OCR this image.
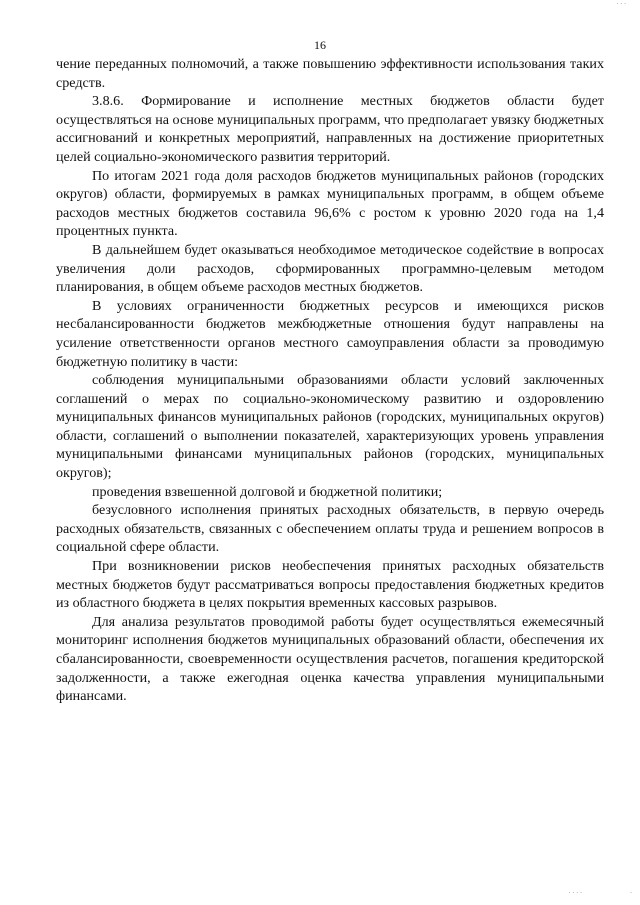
16

чение переданных полномочий, а также повышению эффективности использования таких средств.

3.8.6. Формирование и исполнение местных бюджетов области будет осуществляться на основе муниципальных программ, что предполагает увязку бюджетных ассигнований и конкретных мероприятий, направленных на достижение приоритетных целей социально-экономического развития территорий.

По итогам 2021 года доля расходов бюджетов муниципальных районов (городских округов) области, формируемых в рамках муниципальных программ, в общем объеме расходов местных бюджетов составила 96,6% с ростом к уровню 2020 года на 1,4 процентных пункта.

В дальнейшем будет оказываться необходимое методическое содействие в вопросах увеличения доли расходов, сформированных программно-целевым методом планирования, в общем объеме расходов местных бюджетов.

В условиях ограниченности бюджетных ресурсов и имеющихся рисков несбалансированности бюджетов межбюджетные отношения будут направлены на усиление ответственности органов местного самоуправления области за проводимую бюджетную политику в части:

соблюдения муниципальными образованиями области условий заключенных соглашений о мерах по социально-экономическому развитию и оздоровлению муниципальных финансов муниципальных районов (городских, муниципальных округов) области, соглашений о выполнении показателей, характеризующих уровень управления муниципальными финансами муниципальных районов (городских, муниципальных округов);

проведения взвешенной долговой и бюджетной политики;

безусловного исполнения принятых расходных обязательств, в первую очередь расходных обязательств, связанных с обеспечением оплаты труда и решением вопросов в социальной сфере области.

При возникновении рисков необеспечения принятых расходных обязательств местных бюджетов будут рассматриваться вопросы предоставления бюджетных кредитов из областного бюджета в целях покрытия временных кассовых разрывов.

Для анализа результатов проводимой работы будет осуществляться ежемесячный мониторинг исполнения бюджетов муниципальных образований области, обеспечения их сбалансированности, своевременности осуществления расчетов, погашения кредиторской задолженности, а также ежегодная оценка качества управления муниципальными финансами.

· · ·
· · · ·	·
